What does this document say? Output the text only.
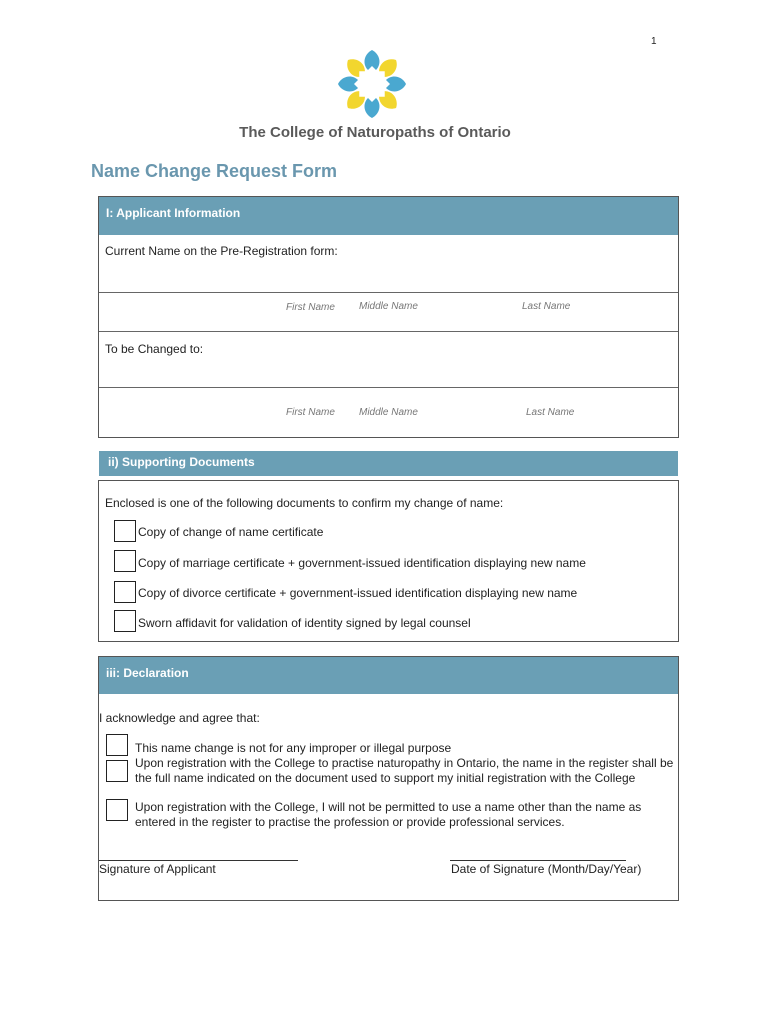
1
The College of Naturopaths of Ontario
Name Change Request Form
I: Applicant Information
Current Name on the Pre-Registration form:
First Name Middle Name	Last Name
To be Changed to:
First Name Middle Name	Last Name
ii) Supporting Documents
Enclosed is one of the following documents to confirm my change of name:
Copy of change of name certificate
Copy of marriage certificate + government-issued identification displaying new name
Copy of divorce certificate + government-issued identification displaying new name
Sworn affidavit for validation of identity signed by legal counsel
iii: Declaration
I acknowledge and agree that:
This name change is not for any improper or illegal purpose
Upon registration with the College to practise naturopathy in Ontario, the name in the register shall be the full name indicated on the document used to support my initial registration with the College
Upon registration with the College, I will not be permitted to use a name other than the name as entered in the register to practise the profession or provide professional services.
Signature of Applicant	Date of Signature (Month/Day/Year)
